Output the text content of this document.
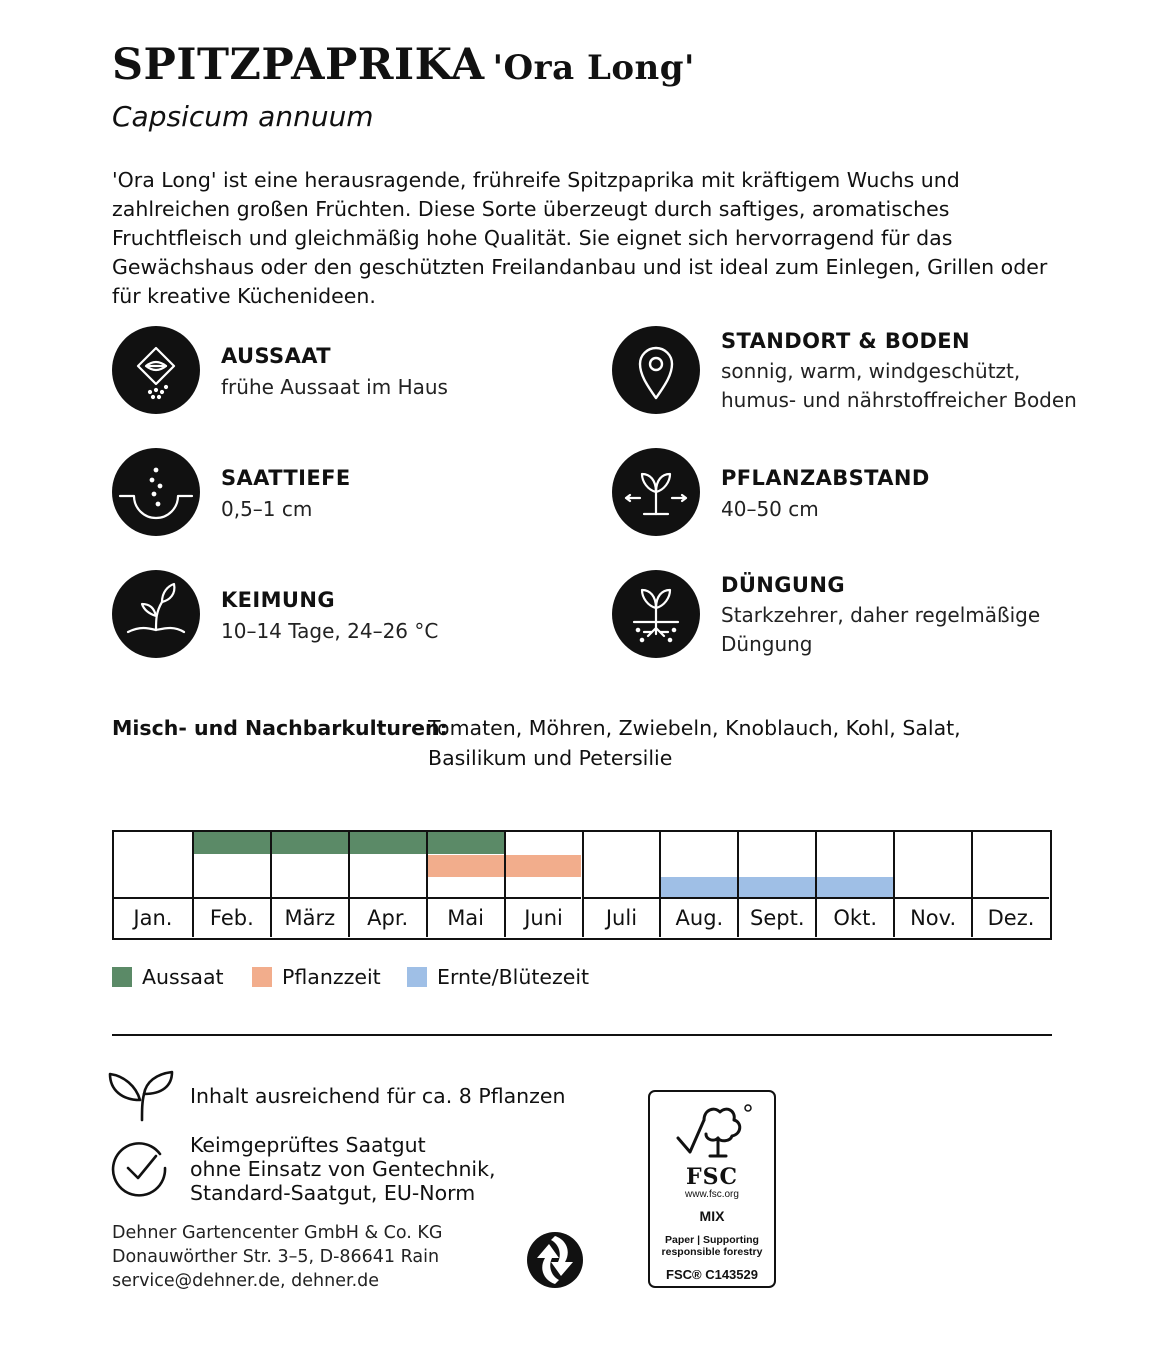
SPITZPAPRIKA 'Ora Long'
Capsicum annuum
'Ora Long' ist eine herausragende, frühreife Spitzpaprika mit kräftigem Wuchs und zahlreichen großen Früchten. Diese Sorte überzeugt durch saftiges, aromatisches Fruchtfleisch und gleichmäßig hohe Qualität. Sie eignet sich hervorragend für das Gewächshaus oder den geschützten Freilandanbau und ist ideal zum Einlegen, Grillen oder für kreative Küchenideen.
AUSSAAT
frühe Aussaat im Haus
STANDORT & BODEN
sonnig, warm, windgeschützt, humus- und nährstoffreicher Boden
SAATTIEFE
0,5–1 cm
PFLANZABSTAND
40–50 cm
KEIMUNG
10–14 Tage, 24–26 °C
DÜNGUNG
Starkzehrer, daher regelmäßige Düngung
Misch- und Nachbarkulturen:
Tomaten, Möhren, Zwiebeln, Knoblauch, Kohl, Salat, Basilikum und Petersilie
Jan.	Feb.	März	Apr.	Mai	Juni	Juli	Aug.	Sept.	Okt.	Nov.	Dez.
Aussaat	Pflanzzeit	Ernte/Blütezeit
Inhalt ausreichend für ca. 8 Pflanzen
Keimgeprüftes Saatgut
ohne Einsatz von Gentechnik,
Standard-Saatgut, EU-Norm
Dehner Gartencenter GmbH & Co. KG
Donauwörther Str. 3–5, D-86641 Rain
service@dehner.de, dehner.de
FSC
www.fsc.org
MIX
Paper | Supporting
responsible forestry
FSC® C143529
